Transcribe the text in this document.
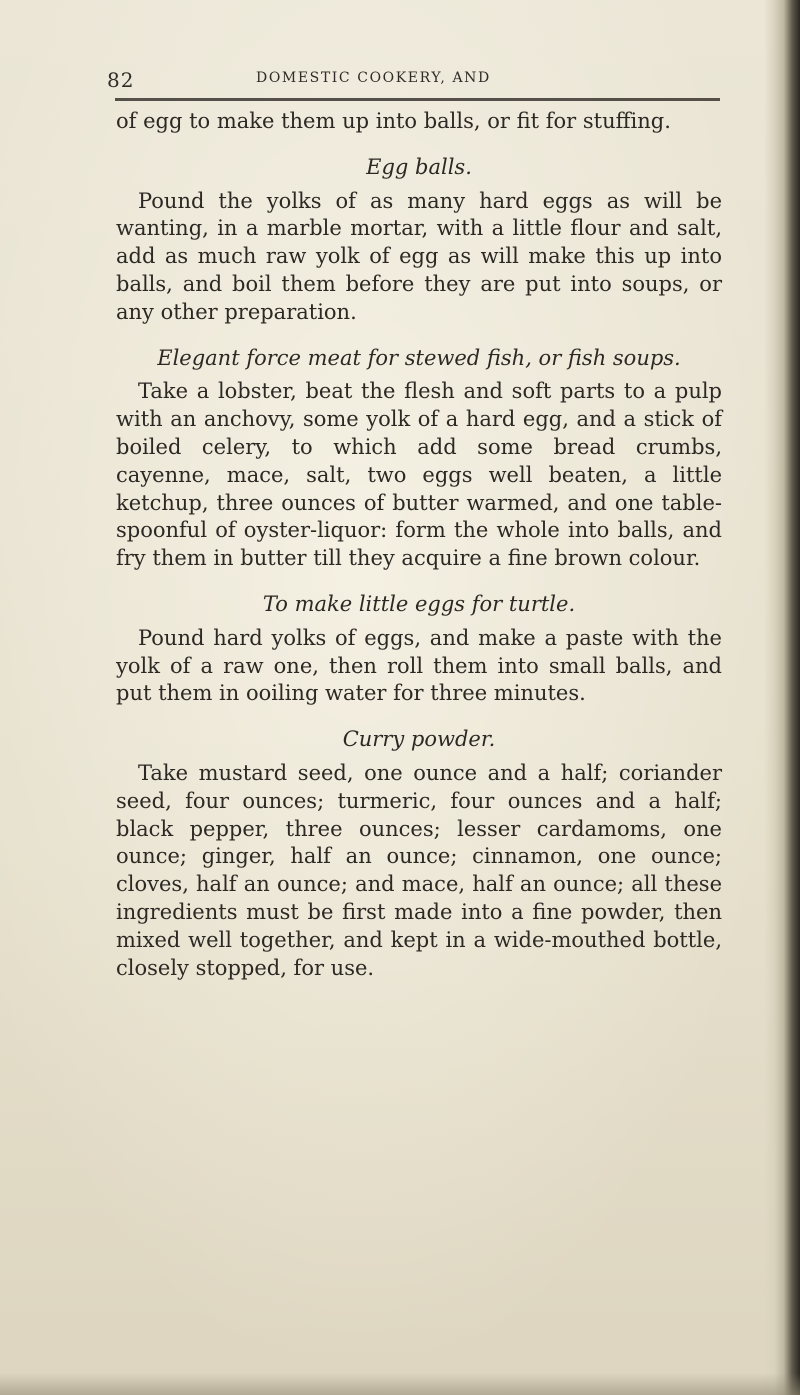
82	DOMESTIC COOKERY, AND

of egg to make them up into balls, or fit for stuffing.

Egg balls.

Pound the yolks of as many hard eggs as will be wanting, in a marble mortar, with a little flour and salt, add as much raw yolk of egg as will make this up into balls, and boil them before they are put into soups, or any other preparation.

Elegant force meat for stewed fish, or fish soups.

Take a lobster, beat the flesh and soft parts to a pulp with an anchovy, some yolk of a hard egg, and a stick of boiled celery, to which add some bread crumbs, cayenne, mace, salt, two eggs well beaten, a little ketchup, three ounces of butter warmed, and one table-spoonful of oyster-liquor: form the whole into balls, and fry them in butter till they acquire a fine brown colour.

To make little eggs for turtle.

Pound hard yolks of eggs, and make a paste with the yolk of a raw one, then roll them into small balls, and put them in ooiling water for three minutes.

Curry powder.

Take mustard seed, one ounce and a half; coriander seed, four ounces; turmeric, four ounces and a half; black pepper, three ounces; lesser cardamoms, one ounce; ginger, half an ounce; cinnamon, one ounce; cloves, half an ounce; and mace, half an ounce; all these ingredients must be first made into a fine powder, then mixed well together, and kept in a wide-mouthed bottle, closely stopped, for use.
